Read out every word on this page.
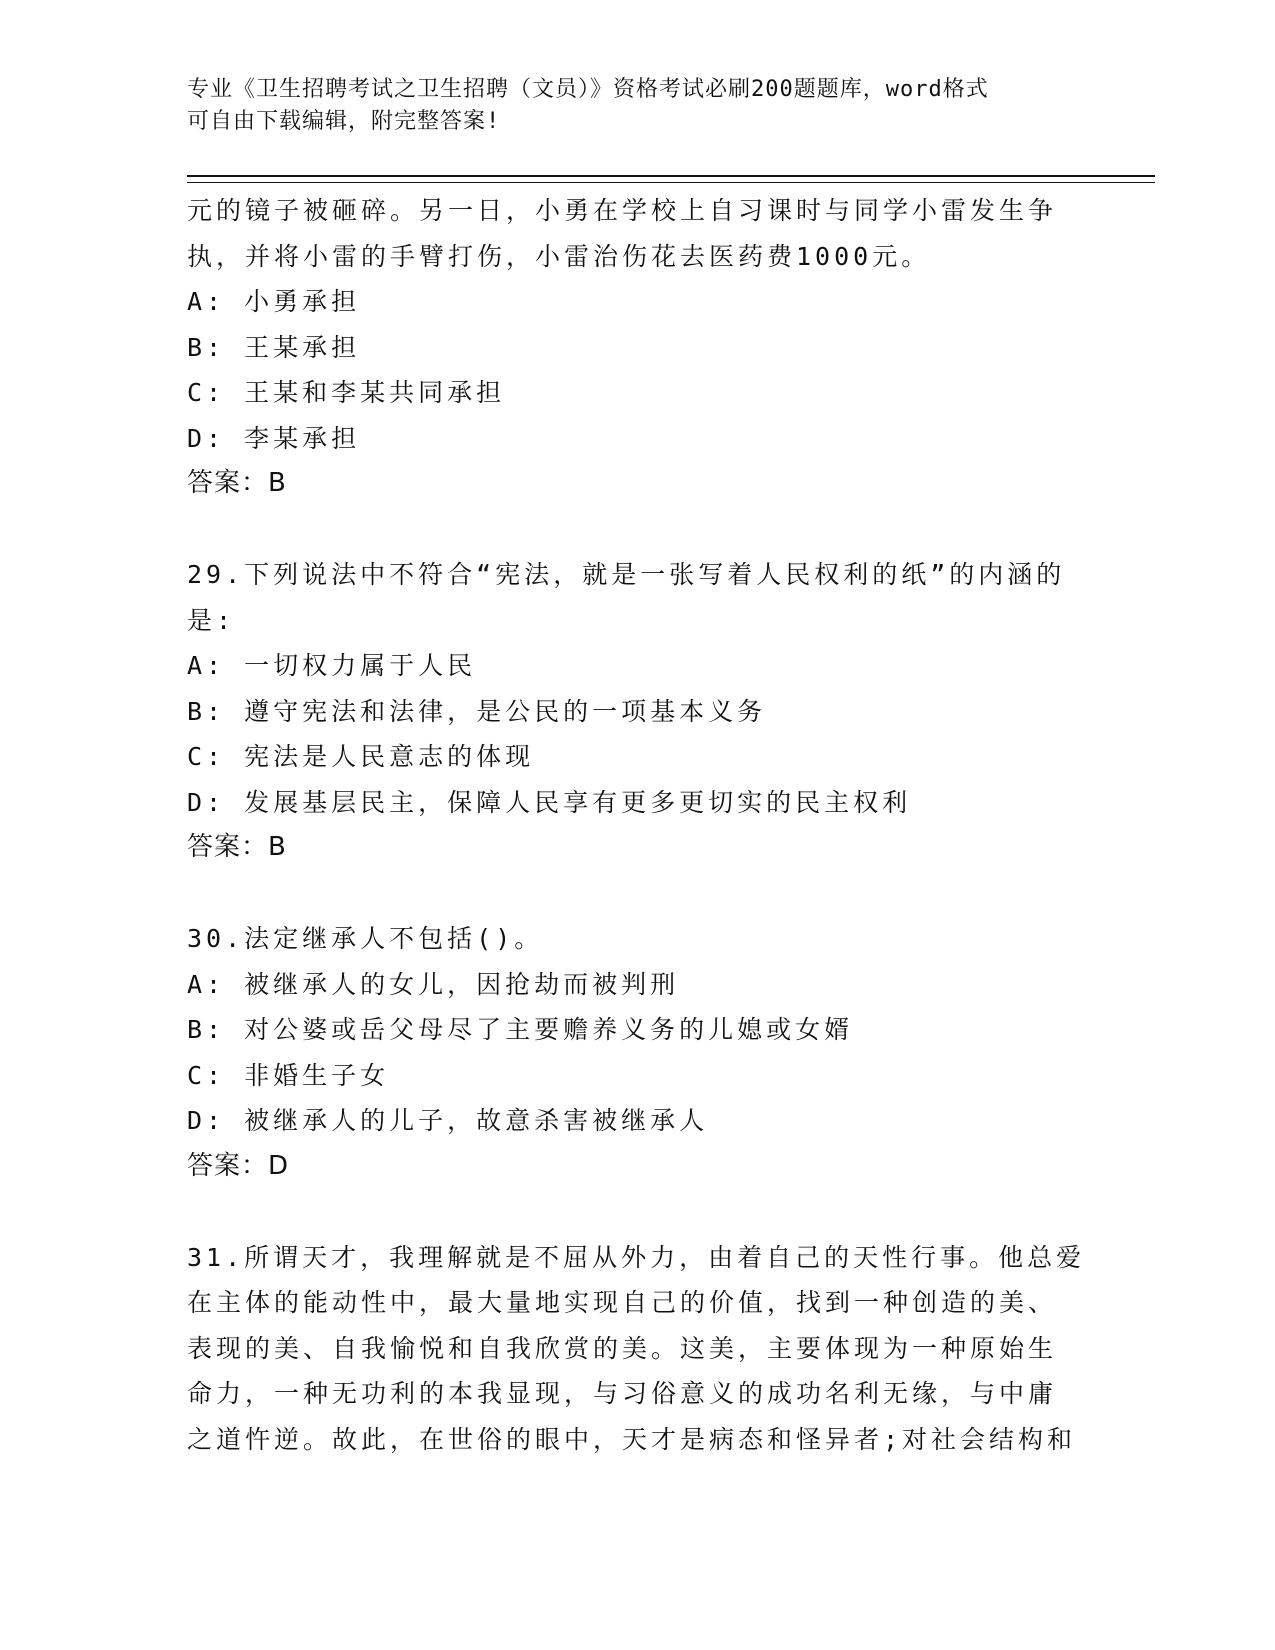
专业《卫生招聘考试之卫生招聘（文员）》资格考试必刷200题题库，word格式
可自由下载编辑，附完整答案!
元的镜子被砸碎。另一日，小勇在学校上自习课时与同学小雷发生争
执，并将小雷的手臂打伤，小雷治伤花去医药费1000元。
A: 小勇承担
B: 王某承担
C: 王某和李某共同承担
D: 李某承担
答案：B
29.下列说法中不符合“宪法，就是一张写着人民权利的纸”的内涵的
是:
A: 一切权力属于人民
B: 遵守宪法和法律，是公民的一项基本义务
C: 宪法是人民意志的体现
D: 发展基层民主，保障人民享有更多更切实的民主权利
答案：B
30.法定继承人不包括()。
A: 被继承人的女儿，因抢劫而被判刑
B: 对公婆或岳父母尽了主要赡养义务的儿媳或女婿
C: 非婚生子女
D: 被继承人的儿子，故意杀害被继承人
答案：D
31.所谓天才，我理解就是不屈从外力，由着自己的天性行事。他总爱
在主体的能动性中，最大量地实现自己的价值，找到一种创造的美、
表现的美、自我愉悦和自我欣赏的美。这美，主要体现为一种原始生
命力，一种无功利的本我显现，与习俗意义的成功名利无缘，与中庸
之道忤逆。故此，在世俗的眼中，天才是病态和怪异者;对社会结构和
